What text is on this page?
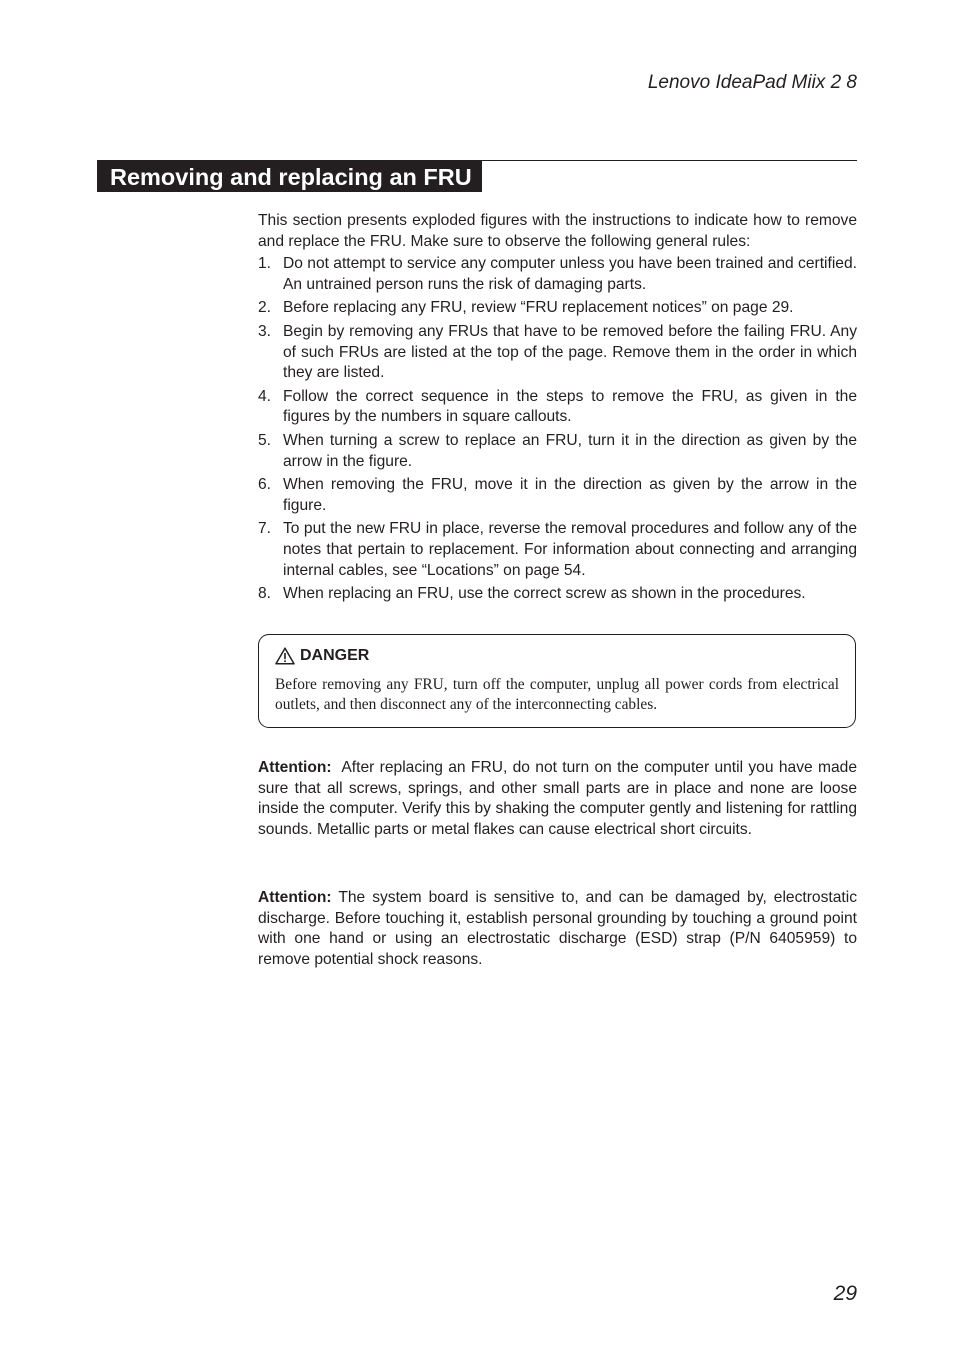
Lenovo IdeaPad Miix 2 8
Removing and replacing an FRU

This section presents exploded figures with the instructions to indicate how to remove and replace the FRU. Make sure to observe the following general rules:

1. Do not attempt to service any computer unless you have been trained and certified. An untrained person runs the risk of damaging parts.
2. Before replacing any FRU, review “FRU replacement notices” on page 29.
3. Begin by removing any FRUs that have to be removed before the failing FRU. Any of such FRUs are listed at the top of the page. Remove them in the order in which they are listed.
4. Follow the correct sequence in the steps to remove the FRU, as given in the figures by the numbers in square callouts.
5. When turning a screw to replace an FRU, turn it in the direction as given by the arrow in the figure.
6. When removing the FRU, move it in the direction as given by the arrow in the figure.
7. To put the new FRU in place, reverse the removal procedures and follow any of the notes that pertain to replacement. For information about connecting and arranging internal cables, see “Locations” on page 54.
8. When replacing an FRU, use the correct screw as shown in the procedures.
DANGER
Before removing any FRU, turn off the computer, unplug all power cords from electrical outlets, and then disconnect any of the interconnecting cables.

Attention: After replacing an FRU, do not turn on the computer until you have made sure that all screws, springs, and other small parts are in place and none are loose inside the computer. Verify this by shaking the computer gently and listening for rattling sounds. Metallic parts or metal flakes can cause electrical short circuits.

Attention: The system board is sensitive to, and can be damaged by, electrostatic discharge. Before touching it, establish personal grounding by touching a ground point with one hand or using an electrostatic discharge (ESD) strap (P/N 6405959) to remove potential shock reasons.

29
